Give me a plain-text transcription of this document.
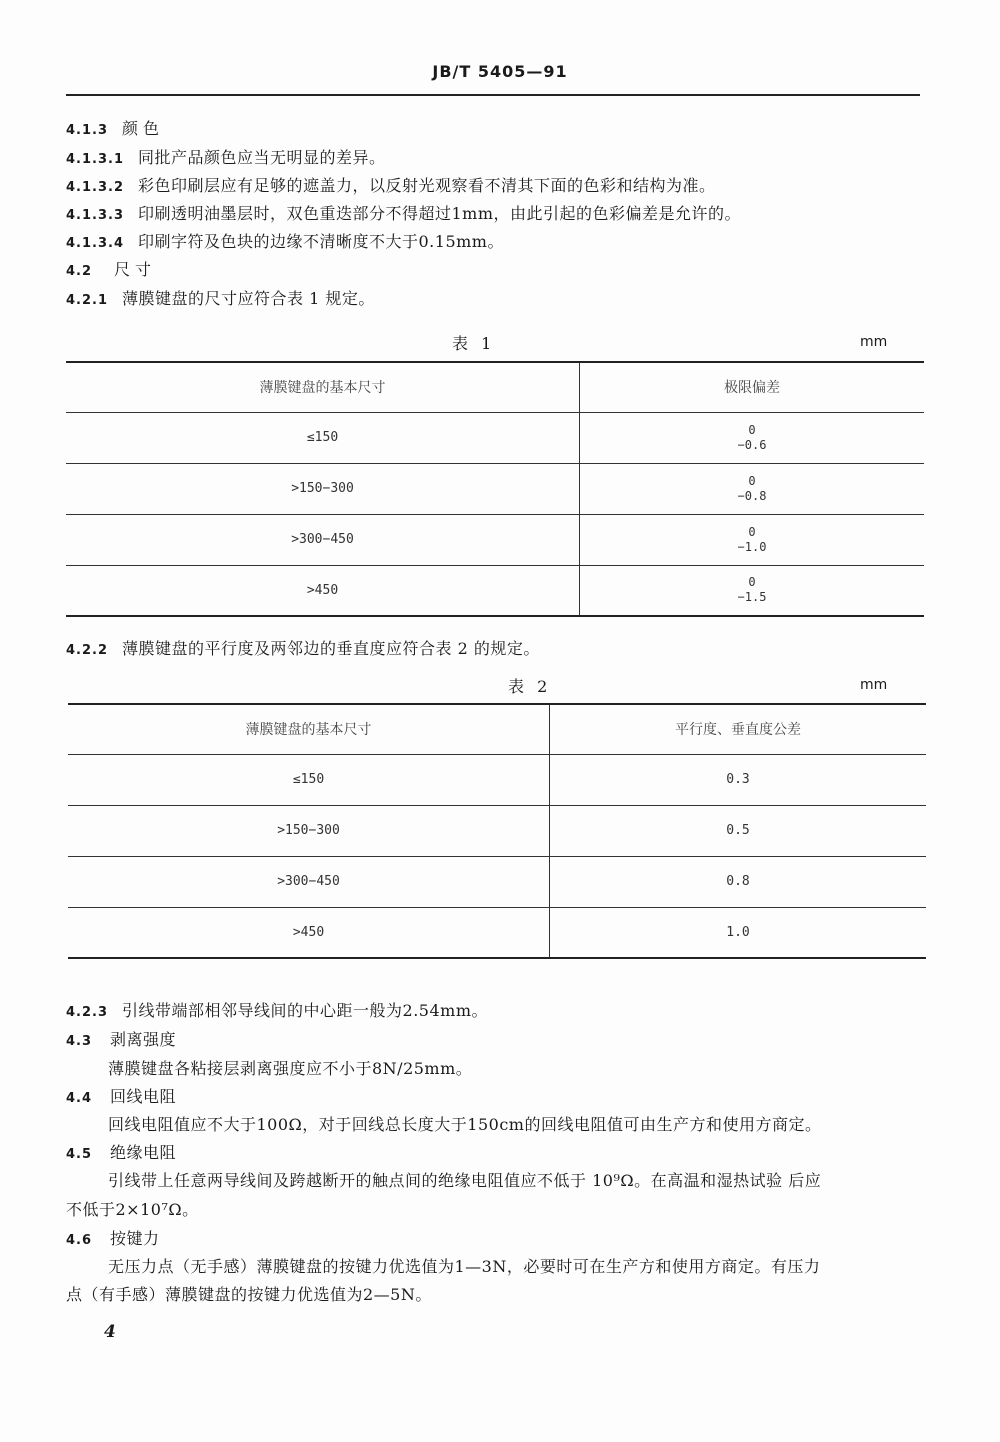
JB/T 5405—91
4.1.3 颜色
4.1.3.1 同批产品颜色应当无明显的差异。
4.1.3.2 彩色印刷层应有足够的遮盖力，以反射光观察看不清其下面的色彩和结构为准。
4.1.3.3 印刷透明油墨层时，双色重迭部分不得超过1mm，由此引起的色彩偏差是允许的。
4.1.3.4 印刷字符及色块的边缘不清晰度不大于0.15mm。
4.2 尺寸
4.2.1 薄膜键盘的尺寸应符合表 1 规定。
表 1	mm
薄膜键盘的基本尺寸	极限偏差
≤150	0
−0.6

>150−300	0
−0.8

>300−450	0
−1.0

>450	0
−1.5
4.2.2 薄膜键盘的平行度及两邻边的垂直度应符合表 2 的规定。
表 2	mm
薄膜键盘的基本尺寸	平行度、垂直度公差
≤150	0.3
>150−300	0.5
>300−450	0.8
>450	1.0
4.2.3 引线带端部相邻导线间的中心距一般为2.54mm。
4.3 剥离强度
薄膜键盘各粘接层剥离强度应不小于8N/25mm。
4.4 回线电阻
回线电阻值应不大于100Ω，对于回线总长度大于150cm的回线电阻值可由生产方和使用方商定。
4.5 绝缘电阻
引线带上任意两导线间及跨越断开的触点间的绝缘电阻值应不低于 10⁹Ω。在高温和湿热试验 后应
不低于2×10⁷Ω。
4.6 按键力
无压力点（无手感）薄膜键盘的按键力优选值为1—3N，必要时可在生产方和使用方商定。有压力
点（有手感）薄膜键盘的按键力优选值为2—5N。
4
